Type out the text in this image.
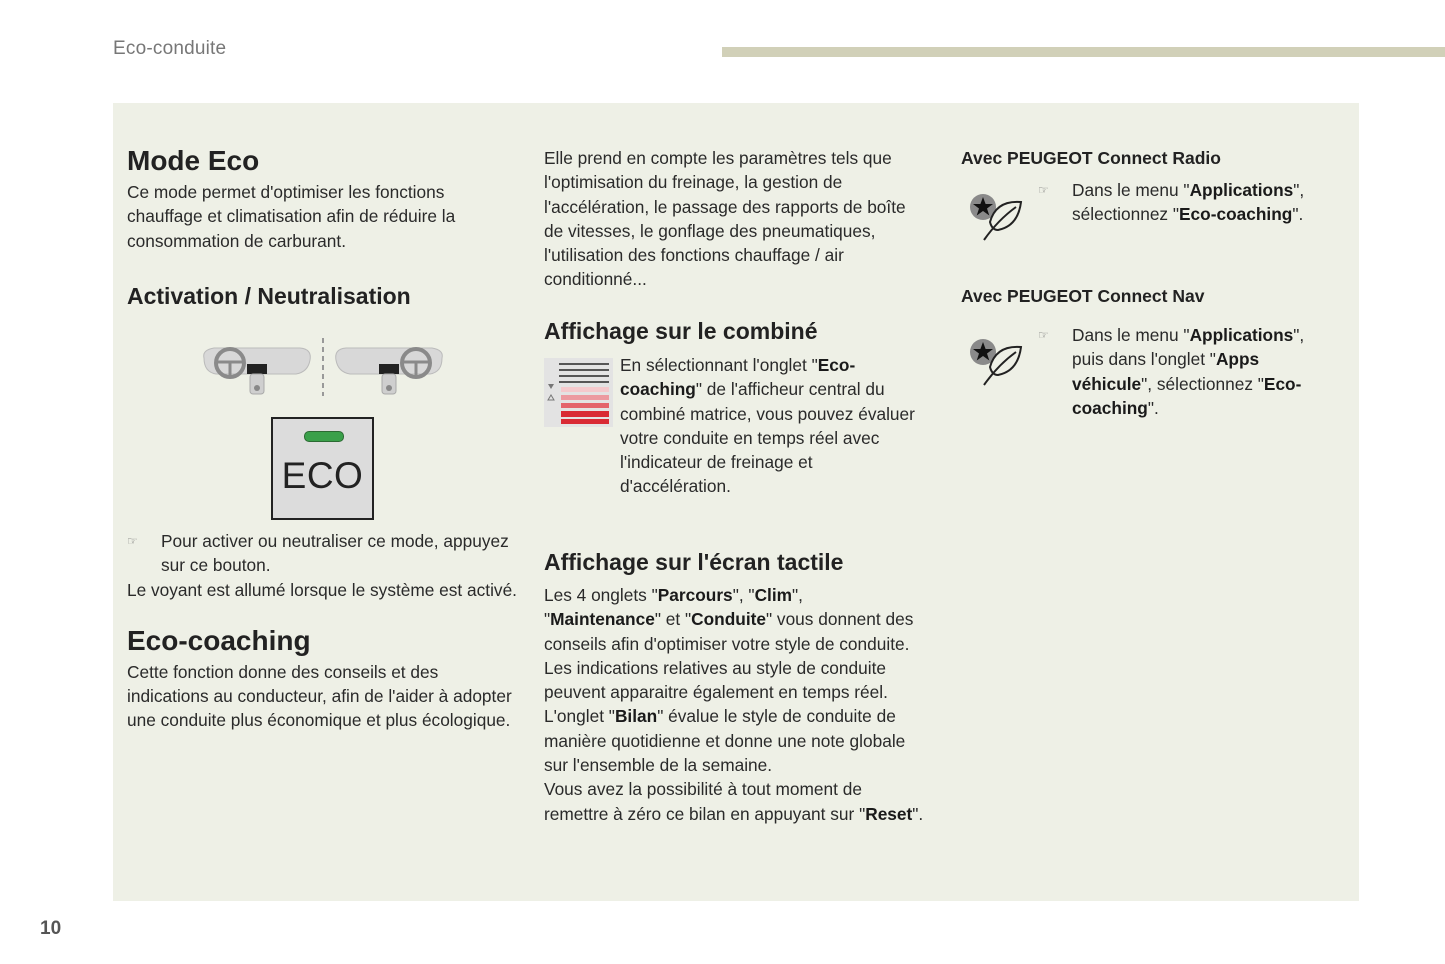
Eco-conduite
Mode Eco

Ce mode permet d'optimiser les fonctions chauffage et climatisation afin de réduire la consommation de carburant.

Activation / Neutralisation
ECO

☞ Pour activer ou neutraliser ce mode, appuyez sur ce bouton.

Le voyant est allumé lorsque le système est activé.

Eco-coaching

Cette fonction donne des conseils et des indications au conducteur, afin de l'aider à adopter une conduite plus économique et plus écologique.

Elle prend en compte les paramètres tels que l'optimisation du freinage, la gestion de l'accélération, le passage des rapports de boîte de vitesses, le gonflage des pneumatiques, l'utilisation des fonctions chauffage / air conditionné...

Affichage sur le combiné

En sélectionnant l'onglet "Eco-coaching" de l'afficheur central du combiné matrice, vous pouvez évaluer votre conduite en temps réel avec l'indicateur de freinage et d'accélération.

Affichage sur l'écran tactile

Les 4 onglets "Parcours", "Clim", "Maintenance" et "Conduite" vous donnent des conseils afin d'optimiser votre style de conduite.

Les indications relatives au style de conduite peuvent apparaitre également en temps réel.

L'onglet "Bilan" évalue le style de conduite de manière quotidienne et donne une note globale sur l'ensemble de la semaine.

Vous avez la possibilité à tout moment de remettre à zéro ce bilan en appuyant sur "Reset".

Avec PEUGEOT Connect Radio

☞ Dans le menu "Applications", sélectionnez "Eco-coaching".

Avec PEUGEOT Connect Nav

☞ Dans le menu "Applications", puis dans l'onglet "Apps véhicule", sélectionnez "Eco-coaching".

10
